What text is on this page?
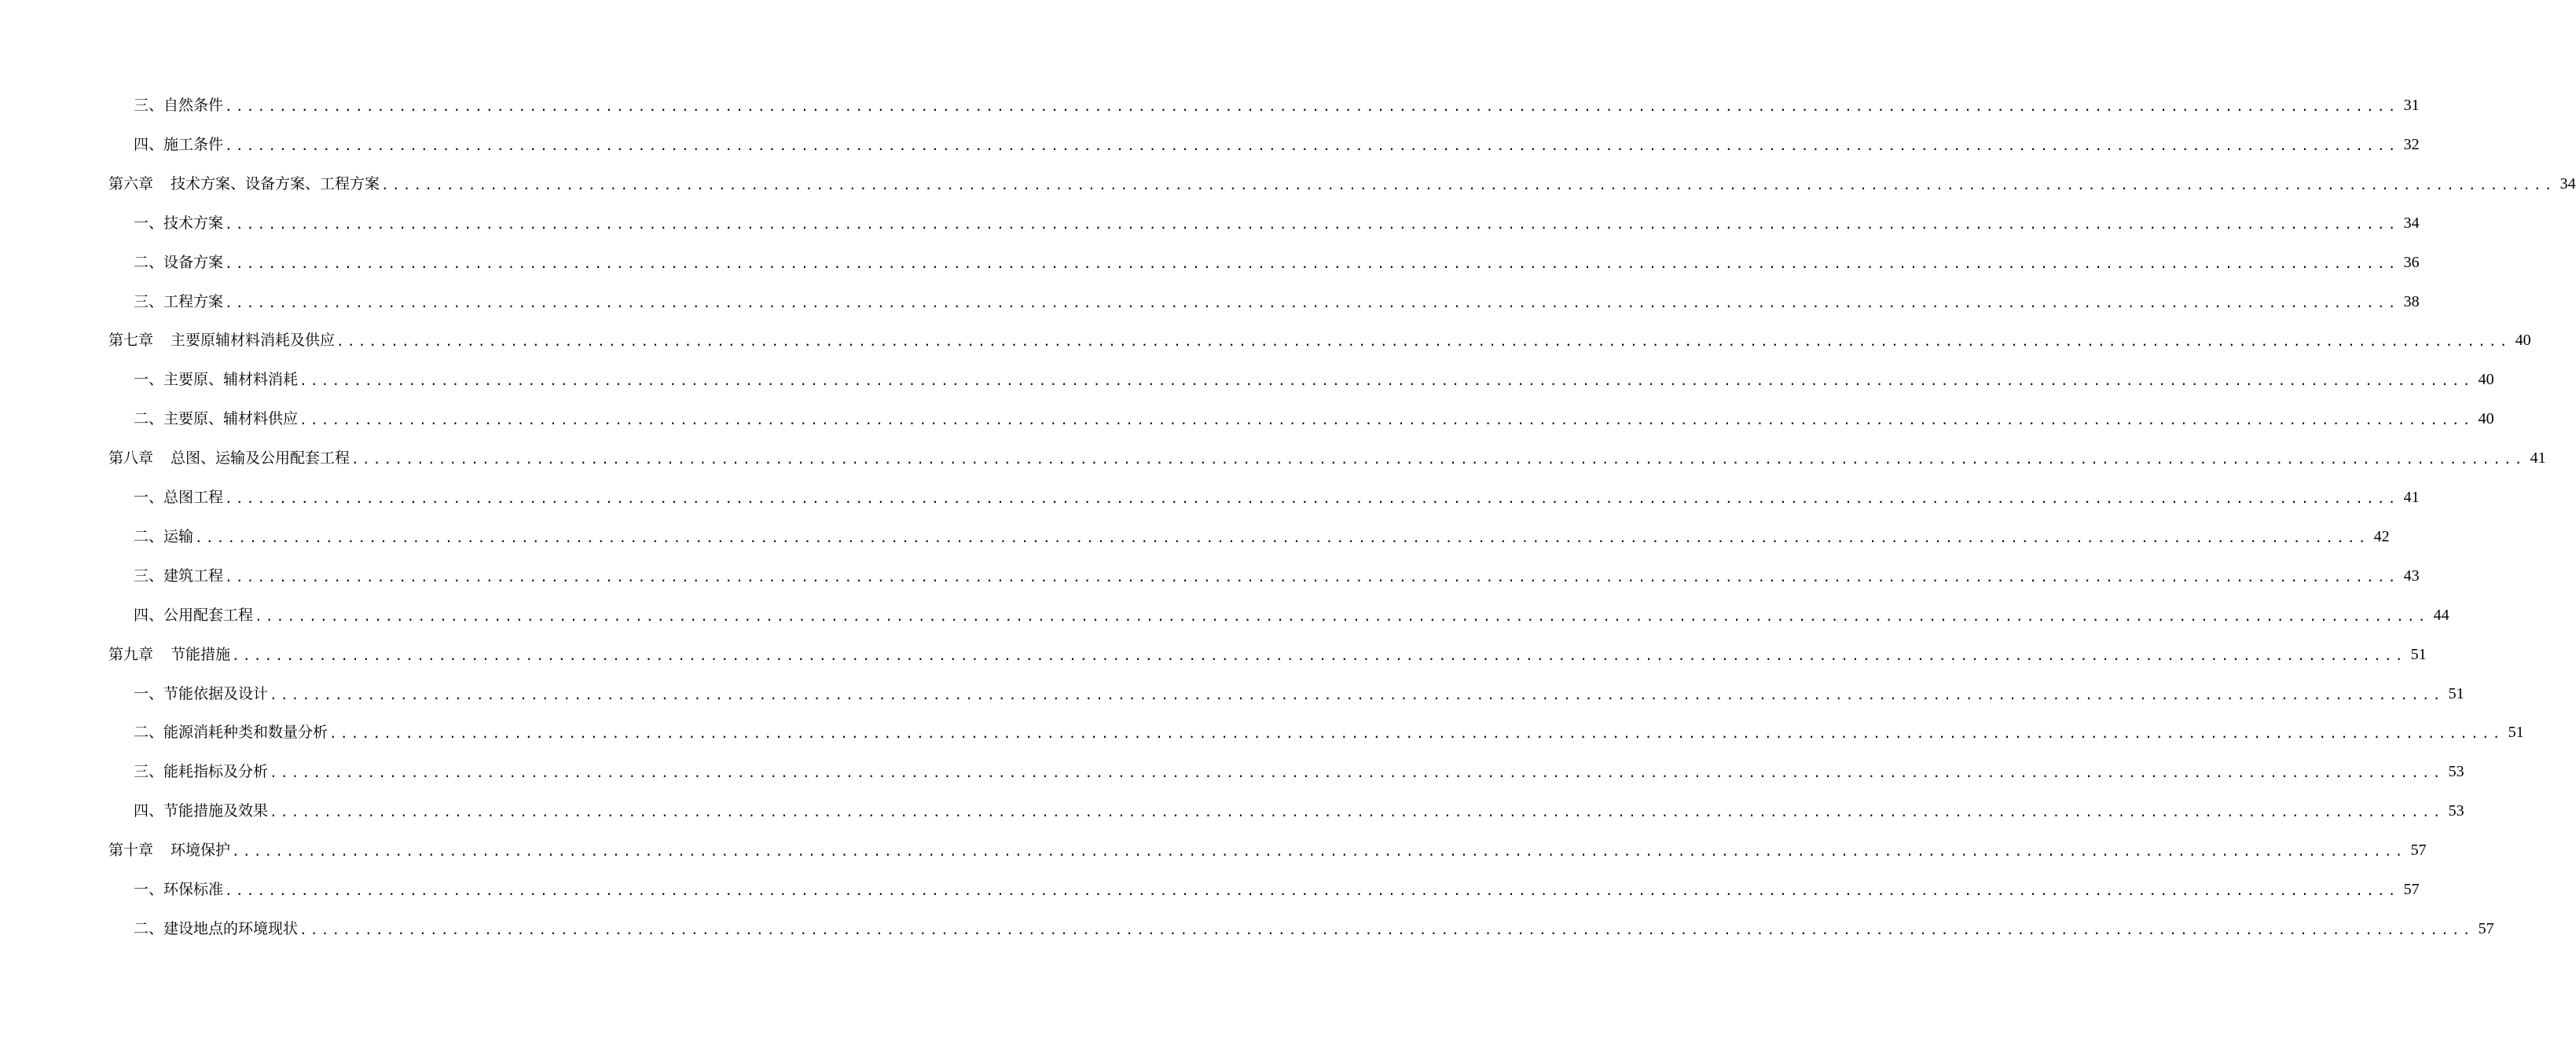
三、自然条件 ........................................................................................................................................................................................................ 31
四、施工条件 ........................................................................................................................................................................................................ 32
第六章 技术方案、设备方案、工程方案 ........................................................................................................................................................................................................ 34
一、技术方案 ........................................................................................................................................................................................................ 34
二、设备方案 ........................................................................................................................................................................................................ 36
三、工程方案 ........................................................................................................................................................................................................ 38
第七章 主要原辅材料消耗及供应 ........................................................................................................................................................................................................ 40
一、主要原、辅材料消耗 ........................................................................................................................................................................................................ 40
二、主要原、辅材料供应 ........................................................................................................................................................................................................ 40
第八章 总图、运输及公用配套工程 ........................................................................................................................................................................................................ 41
一、总图工程 ........................................................................................................................................................................................................ 41
二、运输 ........................................................................................................................................................................................................ 42
三、建筑工程 ........................................................................................................................................................................................................ 43
四、公用配套工程 ........................................................................................................................................................................................................ 44
第九章 节能措施 ........................................................................................................................................................................................................ 51
一、节能依据及设计 ........................................................................................................................................................................................................ 51
二、能源消耗种类和数量分析 ........................................................................................................................................................................................................ 51
三、能耗指标及分析 ........................................................................................................................................................................................................ 53
四、节能措施及效果 ........................................................................................................................................................................................................ 53
第十章 环境保护 ........................................................................................................................................................................................................ 57
一、环保标准 ........................................................................................................................................................................................................ 57
二、建设地点的环境现状 ........................................................................................................................................................................................................ 57
